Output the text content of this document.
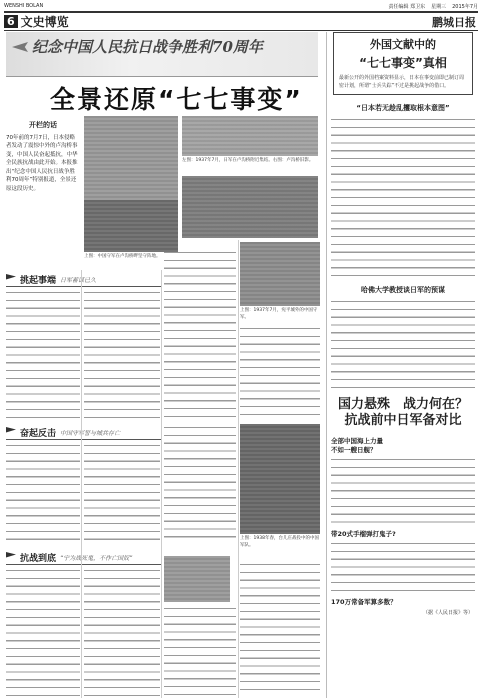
WENSHI BOLAN	责任编辑 郑卫东 星期三 2015年7月
6 文史博览	鹏城日报
纪念中国人民抗日战争胜利70周年
全景还原“七七事变”
开栏的话
70年前的7月7日，日本侵略者发动了震惊中外的卢沟桥事变，中国人民奋起抵抗，中华全民族抗战由此开始。本报推出“纪念中国人民抗日战争胜利70周年”特别报道，全景还原这段历史。
上图：中国守军在卢沟桥畔坚守阵地。
左图：1937年7月，日军在卢沟桥附近集结。右图：卢沟桥旧影。
挑起事端 日军蓄谋已久
上图：1937年7月，宛平城外的中国守军。
奋起反击 中国守军誓与城共存亡
上图：1938年春，台儿庄战役中的中国军队。
抗战到底 “宁为战死鬼，不作亡国奴”
外国文献中的
“七七事变”真相
最新公开的外国档案资料显示，日本在事变前即已制订周密计划，所谓“士兵失踪”不过是挑起战争的借口。
“日本若无趁乱攫取根本意图”
哈佛大学教授谈日军的预谋
国力悬殊　战力何在？
抗战前中日军备对比
全部中国海上力量
不如一艘日舰？
带20式手榴弹打鬼子?
170万常备军算多数？
（据《人民日报》等）
